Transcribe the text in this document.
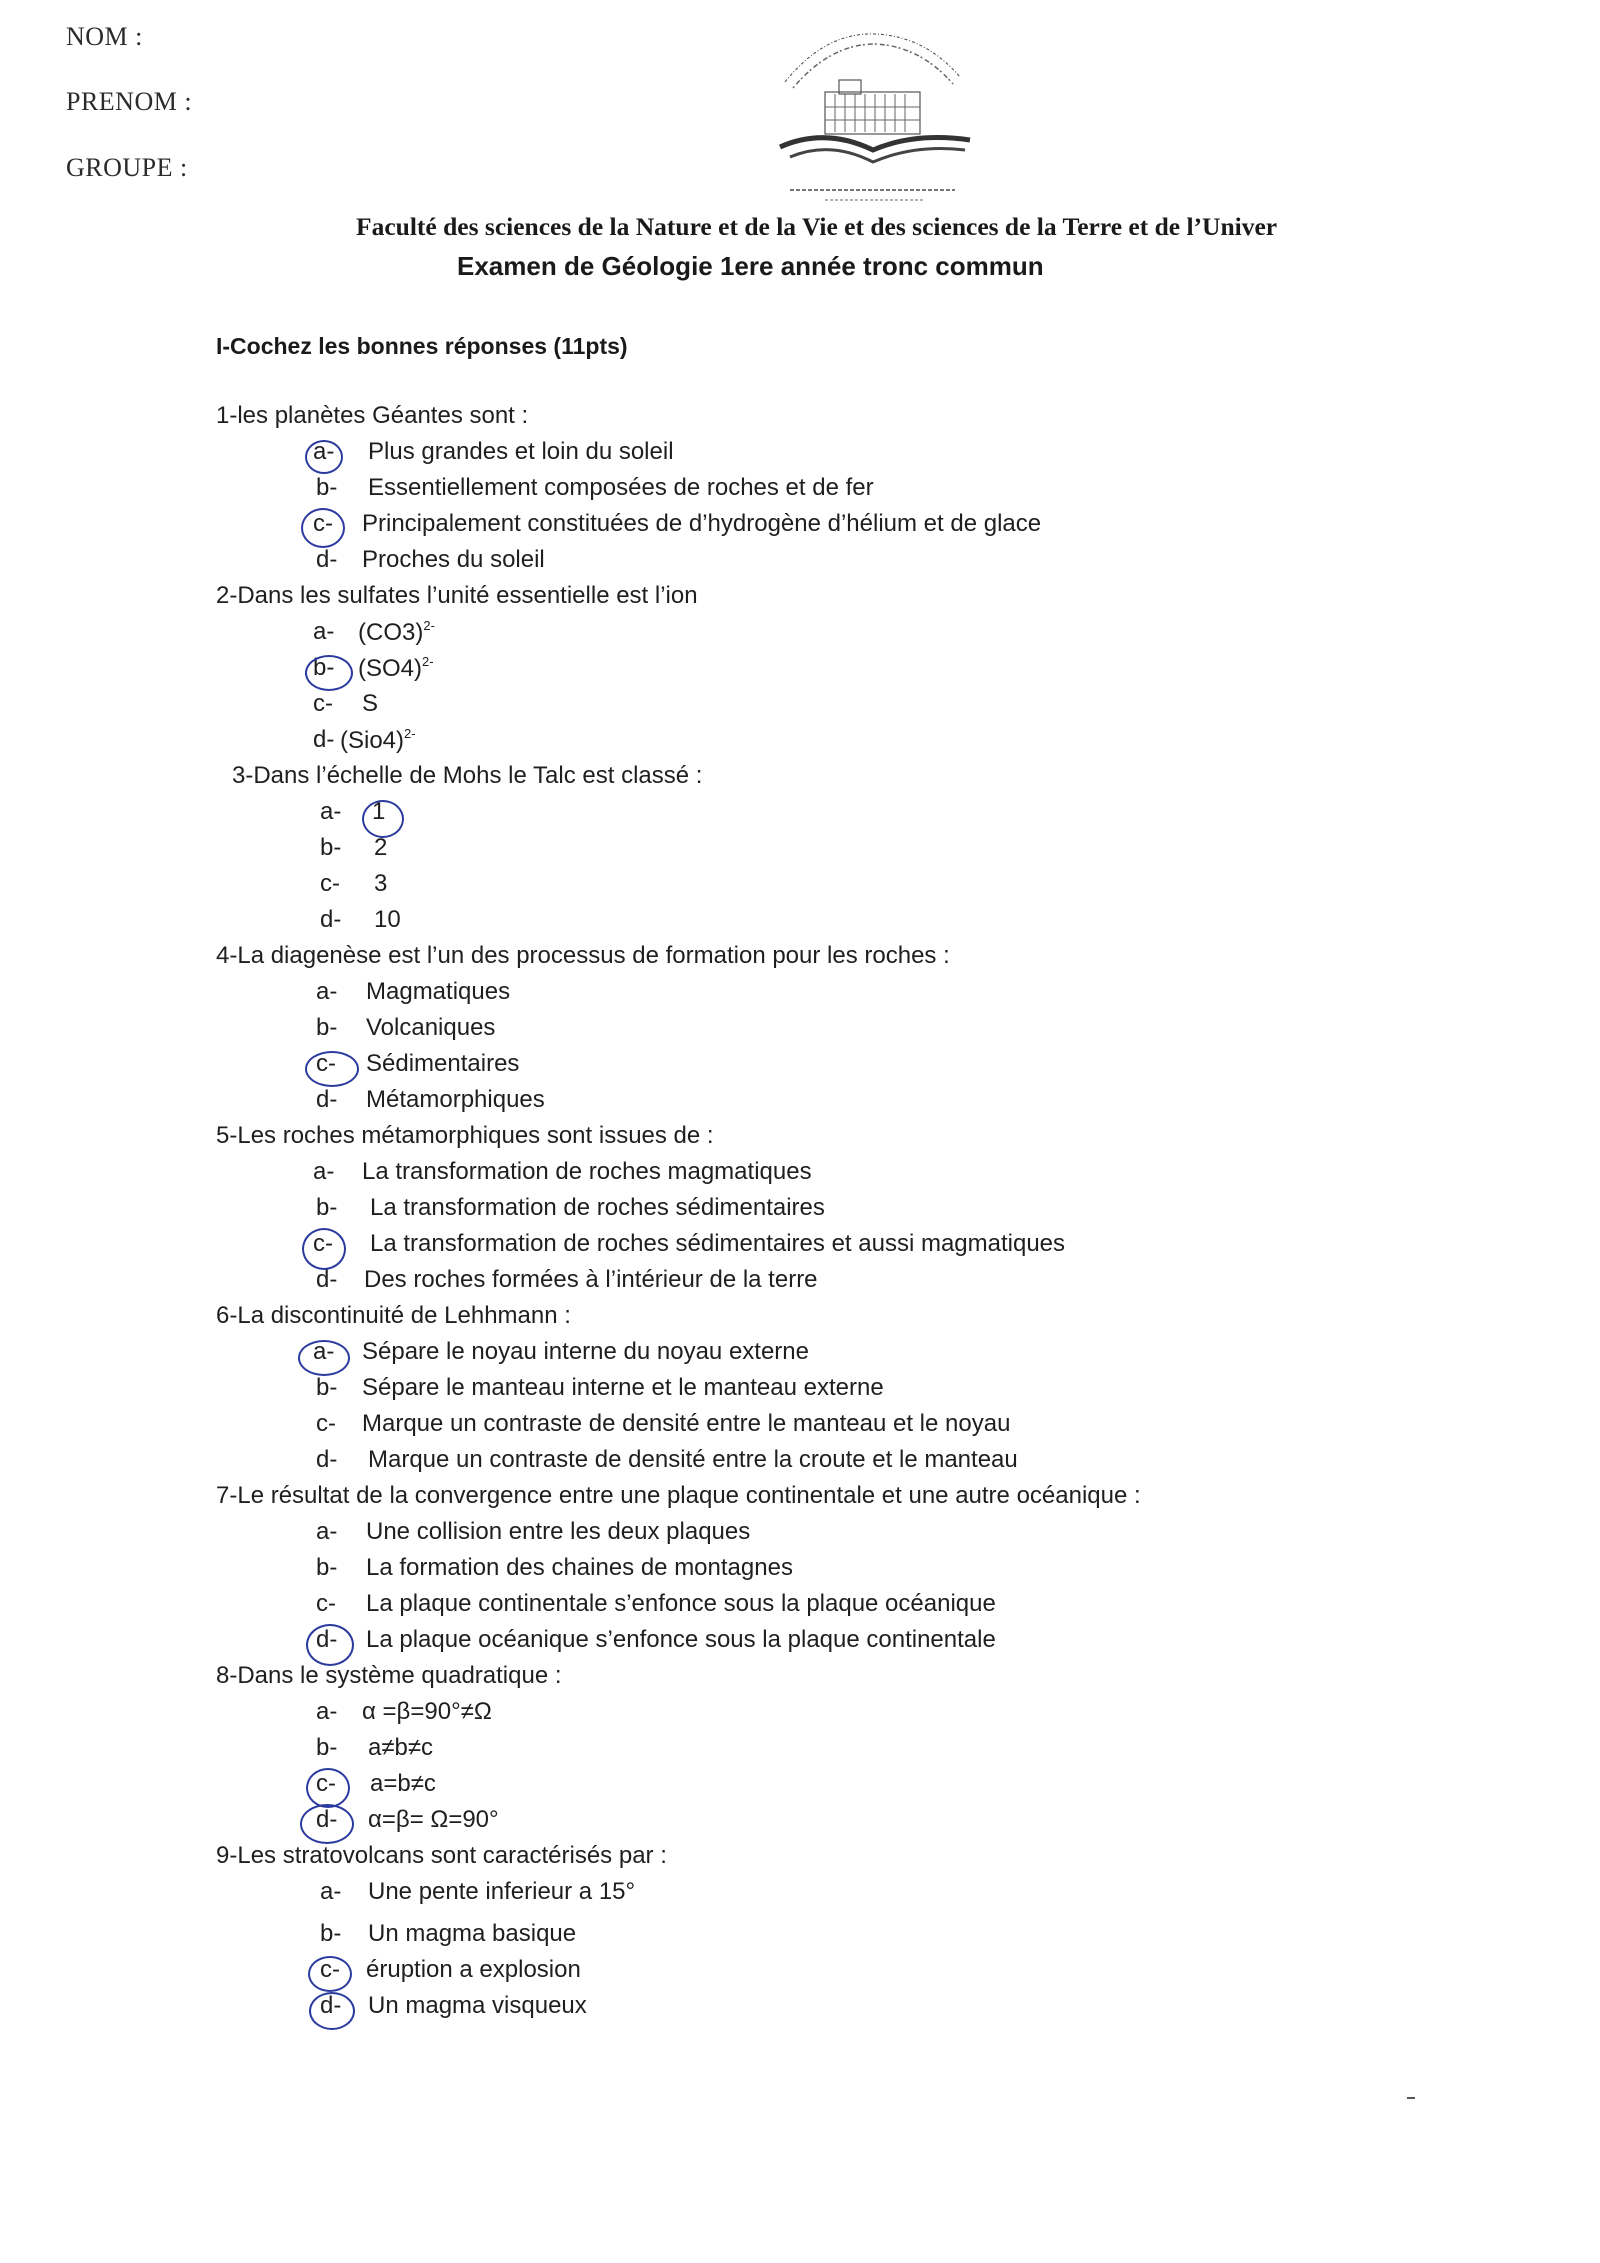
NOM :
PRENOM :
GROUPE :
Faculté des sciences de la Nature et de la Vie et des sciences de la Terre et de l’Univer
Examen de Géologie 1ere année tronc commun
I-Cochez les bonnes réponses (11pts)
1-les planètes Géantes sont :
a- Plus grandes et loin du soleil
b- Essentiellement composées de roches et de fer
c- Principalement constituées de d’hydrogène d’hélium et de glace
d- Proches du soleil
2-Dans les sulfates l’unité essentielle est l’ion
a- $(CO3)^{2-}$
b- $(SO4)^{2-}$
c- S
d- $(Sio4)^{2-}$
3-Dans l’échelle de Mohs le Talc est classé :
a- 1
b- 2
c- 3
d- 10
4-La diagenèse est l’un des processus de formation pour les roches :
a- Magmatiques
b- Volcaniques
c- Sédimentaires
d- Métamorphiques
5-Les roches métamorphiques sont issues de :
a- La transformation de roches magmatiques
b- La transformation de roches sédimentaires
c- La transformation de roches sédimentaires et aussi magmatiques
d- Des roches formées à l’intérieur de la terre
6-La discontinuité de Lehhmann :
a- Sépare le noyau interne du noyau externe
b- Sépare le manteau interne et le manteau externe
c- Marque un contraste de densité entre le manteau et le noyau
d- Marque un contraste de densité entre la croute et le manteau
7-Le résultat de la convergence entre une plaque continentale et une autre océanique :
a- Une collision entre les deux plaques
b- La formation des chaines de montagnes
c- La plaque continentale s’enfonce sous la plaque océanique
d- La plaque océanique s’enfonce sous la plaque continentale
8-Dans le système quadratique :
a- α =β=90°≠Ω
b- a≠b≠c
c- a=b≠c
d- α=β= Ω=90°
9-Les stratovolcans sont caractérisés par :
a- Une pente inferieur a 15°
b- Un magma basique
c- éruption a explosion
d- Un magma visqueux
